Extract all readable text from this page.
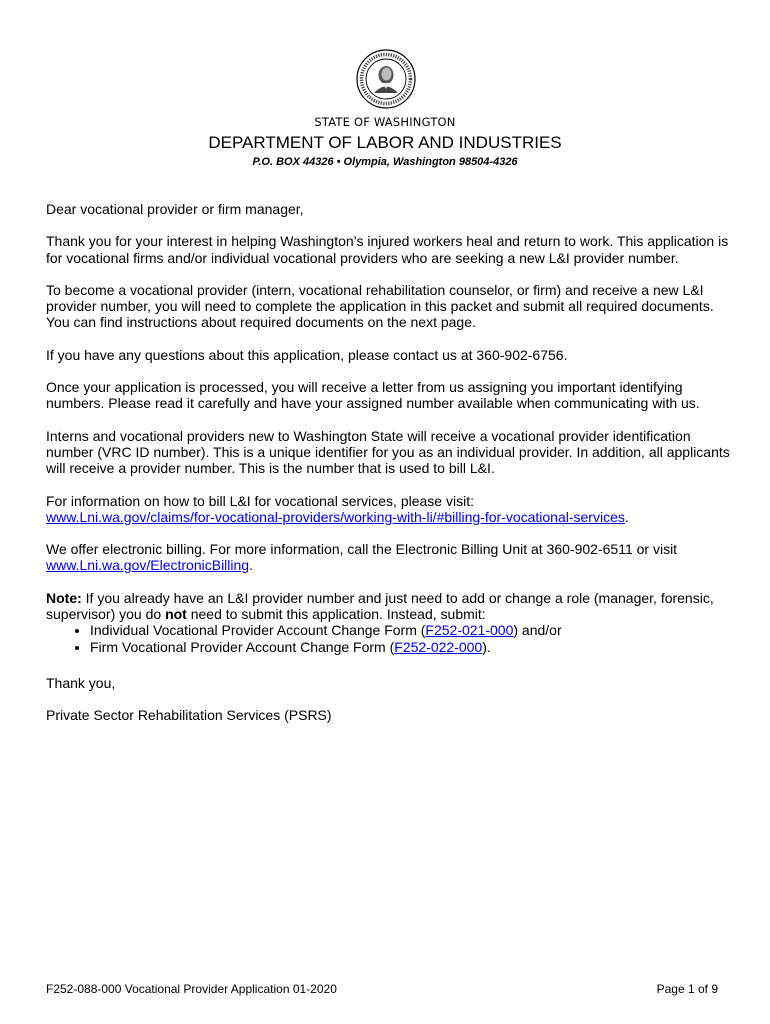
STATE OF WASHINGTON
DEPARTMENT OF LABOR AND INDUSTRIES
P.O. BOX 44326 • Olympia, Washington 98504-4326

Dear vocational provider or firm manager,

Thank you for your interest in helping Washington’s injured workers heal and return to work. This application is for vocational firms and/or individual vocational providers who are seeking a new L&I provider number.

To become a vocational provider (intern, vocational rehabilitation counselor, or firm) and receive a new L&I provider number, you will need to complete the application in this packet and submit all required documents. You can find instructions about required documents on the next page.

If you have any questions about this application, please contact us at 360-902-6756.

Once your application is processed, you will receive a letter from us assigning you important identifying numbers. Please read it carefully and have your assigned number available when communicating with us.

Interns and vocational providers new to Washington State will receive a vocational provider identification number (VRC ID number). This is a unique identifier for you as an individual provider. In addition, all applicants will receive a provider number. This is the number that is used to bill L&I.

For information on how to bill L&I for vocational services, please visit:
www.Lni.wa.gov/claims/for-vocational-providers/working-with-li/#billing-for-vocational-services.

We offer electronic billing. For more information, call the Electronic Billing Unit at 360-902-6511 or visit www.Lni.wa.gov/ElectronicBilling.

Note: If you already have an L&I provider number and just need to add or change a role (manager, forensic, supervisor) you do not need to submit this application. Instead, submit:

• Individual Vocational Provider Account Change Form (F252-021-000) and/or
• Firm Vocational Provider Account Change Form (F252-022-000).

Thank you,

Private Sector Rehabilitation Services (PSRS)

F252-088-000 Vocational Provider Application 01-2020	Page 1 of 9
